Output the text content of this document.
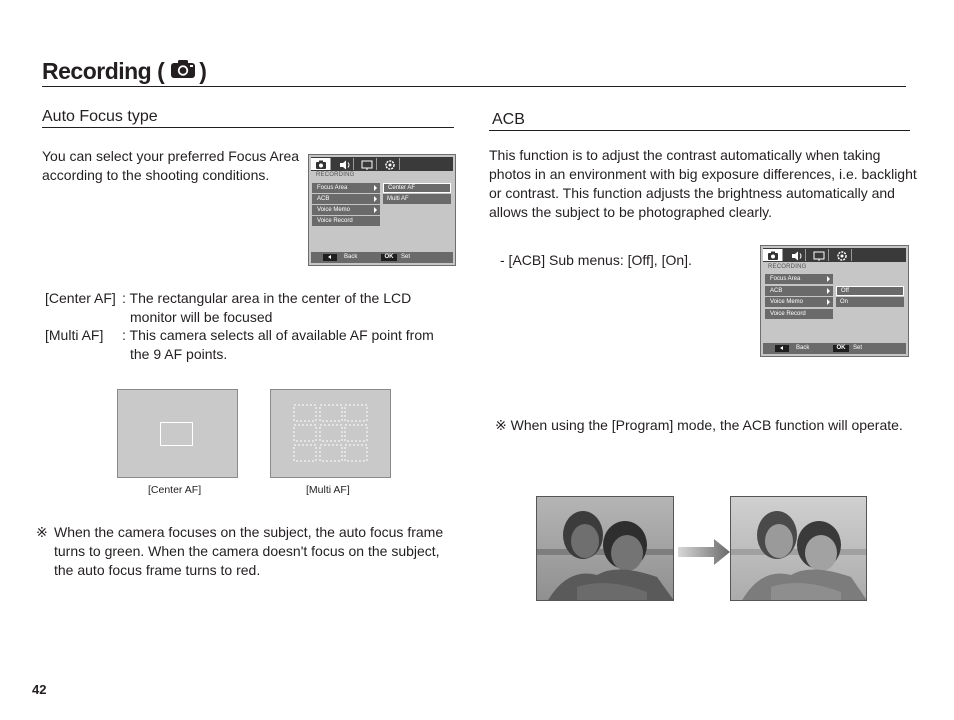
Recording ( )
Auto Focus type
You can select your preferred Focus Area
according to the shooting conditions.	RECORDING
Focus Area
ACB
Voice Memo
Voice Record
Center AF
Multi AF
Back	OK	Set
[Center AF] : The rectangular area in the center of the LCD
monitor will be focused
[Multi AF] : This camera selects all of available AF point from
the 9 AF points.
[Center AF]	[Multi AF]
※ When the camera focuses on the subject, the auto focus frame
turns to green. When the camera doesn't focus on the subject,
the auto focus frame turns to red.
42
ACB
This function is to adjust the contrast automatically when taking
photos in an environment with big exposure differences, i.e. backlight
or contrast. This function adjusts the brightness automatically and
allows the subject to be photographed clearly.
- [ACB] Sub menus: [Off], [On].	RECORDING
Focus Area
ACB
Voice Memo
Voice Record
Off
On
Back	OK	Set
※ When using the [Program] mode, the ACB function will operate.
